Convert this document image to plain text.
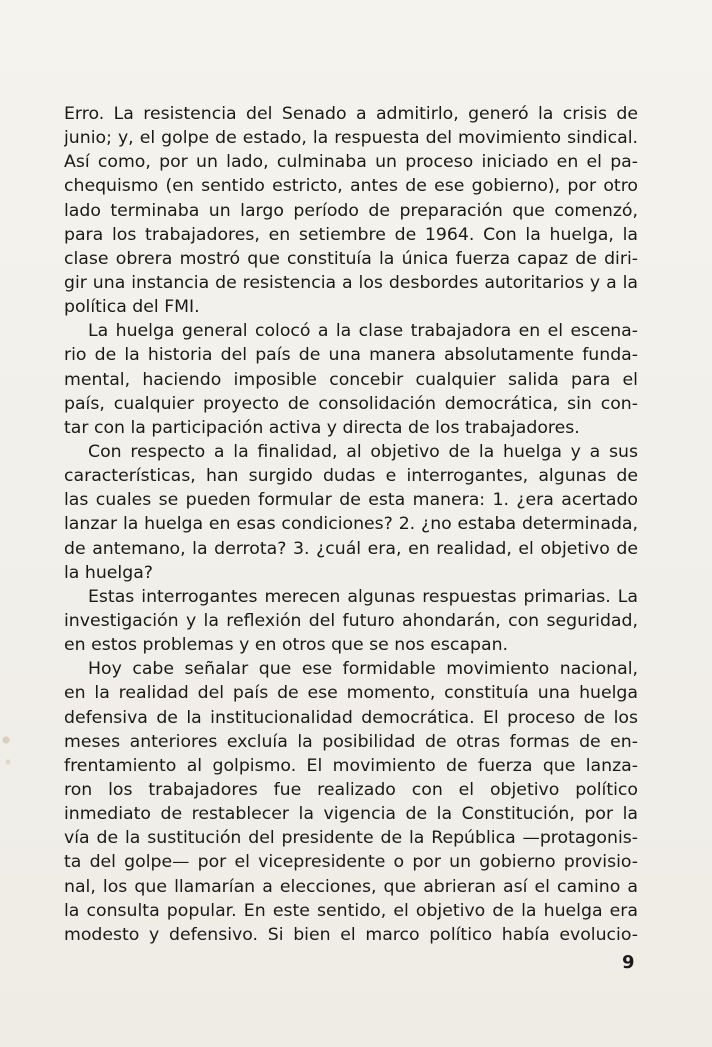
Erro. La resistencia del Senado a admitirlo, generó la crisis de
junio; y, el golpe de estado, la respuesta del movimiento sindical.
Así como, por un lado, culminaba un proceso iniciado en el pa-
chequismo (en sentido estricto, antes de ese gobierno), por otro
lado terminaba un largo período de preparación que comenzó,
para los trabajadores, en setiembre de 1964. Con la huelga, la
clase obrera mostró que constituía la única fuerza capaz de diri-
gir una instancia de resistencia a los desbordes autoritarios y a la
política del FMI.
La huelga general colocó a la clase trabajadora en el escena-
rio de la historia del país de una manera absolutamente funda-
mental, haciendo imposible concebir cualquier salida para el
país, cualquier proyecto de consolidación democrática, sin con-
tar con la participación activa y directa de los trabajadores.
Con respecto a la finalidad, al objetivo de la huelga y a sus
características, han surgido dudas e interrogantes, algunas de
las cuales se pueden formular de esta manera: 1. ¿era acertado
lanzar la huelga en esas condiciones? 2. ¿no estaba determinada,
de antemano, la derrota? 3. ¿cuál era, en realidad, el objetivo de
la huelga?
Estas interrogantes merecen algunas respuestas primarias. La
investigación y la reflexión del futuro ahondarán, con seguridad,
en estos problemas y en otros que se nos escapan.
Hoy cabe señalar que ese formidable movimiento nacional,
en la realidad del país de ese momento, constituía una huelga
defensiva de la institucionalidad democrática. El proceso de los
meses anteriores excluía la posibilidad de otras formas de en-
frentamiento al golpismo. El movimiento de fuerza que lanza-
ron los trabajadores fue realizado con el objetivo político
inmediato de restablecer la vigencia de la Constitución, por la
vía de la sustitución del presidente de la República —protagonis-
ta del golpe— por el vicepresidente o por un gobierno provisio-
nal, los que llamarían a elecciones, que abrieran así el camino a
la consulta popular. En este sentido, el objetivo de la huelga era
modesto y defensivo. Si bien el marco político había evolucio-
9
